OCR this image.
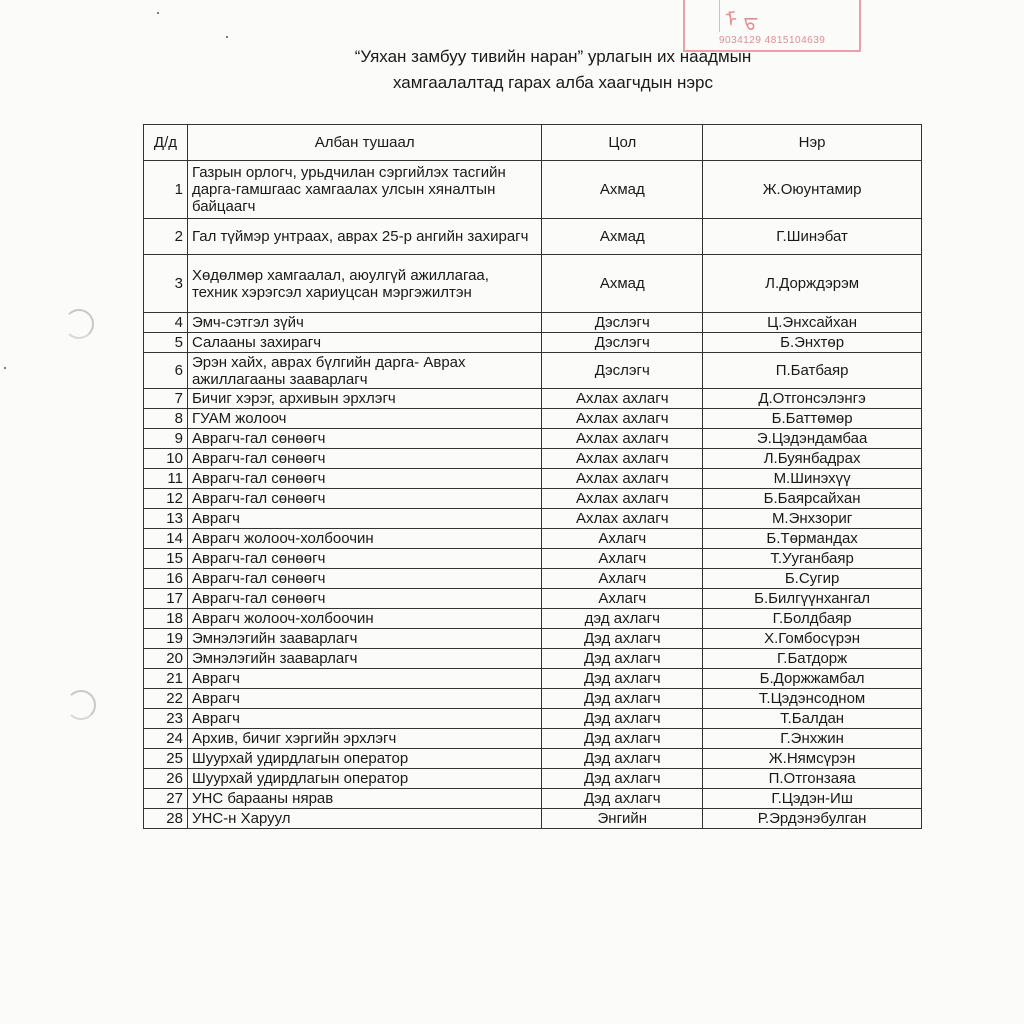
ᠮ ᠳ
9034129 4815104639
“Уяхан замбуу тивийн наран” урлагын их наадмын
хамгаалалтад гарах алба хаагчдын нэрс
Д/д	Албан тушаал	Цол	Нэр
1	Газрын орлогч, урьдчилан сэргийлэх тасгийн дарга-гамшгаас хамгаалах улсын хяналтын байцаагч	Ахмад	Ж.Оюунтамир
2	Гал түймэр унтраах, аврах 25-р ангийн захирагч	Ахмад	Г.Шинэбат
3	Хөдөлмөр хамгаалал, аюулгүй ажиллагаа, техник хэрэгсэл хариуцсан мэргэжилтэн	Ахмад	Л.Дорждэрэм
4	Эмч-сэтгэл зүйч	Дэслэгч	Ц.Энхсайхан
5	Салааны захирагч	Дэслэгч	Б.Энхтөр
6	Эрэн хайх, аврах бүлгийн дарга- Аврах ажиллагааны зааварлагч	Дэслэгч	П.Батбаяр
7	Бичиг хэрэг, архивын эрхлэгч	Ахлах ахлагч	Д.Отгонсэлэнгэ
8	ГУАМ жолооч	Ахлах ахлагч	Б.Баттөмөр
9	Аврагч-гал сөнөөгч	Ахлах ахлагч	Э.Цэдэндамбаа
10	Аврагч-гал сөнөөгч	Ахлах ахлагч	Л.Буянбадрах
11	Аврагч-гал сөнөөгч	Ахлах ахлагч	М.Шинэхүү
12	Аврагч-гал сөнөөгч	Ахлах ахлагч	Б.Баярсайхан
13	Аврагч	Ахлах ахлагч	М.Энхзориг
14	Аврагч жолооч-холбоочин	Ахлагч	Б.Төрмандах
15	Аврагч-гал сөнөөгч	Ахлагч	Т.Ууганбаяр
16	Аврагч-гал сөнөөгч	Ахлагч	Б.Сугир
17	Аврагч-гал сөнөөгч	Ахлагч	Б.Билгүүнхангал
18	Аврагч жолооч-холбоочин	дэд ахлагч	Г.Болдбаяр
19	Эмнэлэгийн зааварлагч	Дэд ахлагч	Х.Гомбосүрэн
20	Эмнэлэгийн зааварлагч	Дэд ахлагч	Г.Батдорж
21	Аврагч	Дэд ахлагч	Б.Доржжамбал
22	Аврагч	Дэд ахлагч	Т.Цэдэнсодном
23	Аврагч	Дэд ахлагч	Т.Балдан
24	Архив, бичиг хэргийн эрхлэгч	Дэд ахлагч	Г.Энхжин
25	Шуурхай удирдлагын оператор	Дэд ахлагч	Ж.Нямсүрэн
26	Шуурхай удирдлагын оператор	Дэд ахлагч	П.Отгонзаяа
27	УНС барааны нярав	Дэд ахлагч	Г.Цэдэн-Иш
28	УНС-н Харуул	Энгийн	Р.Эрдэнэбулган
